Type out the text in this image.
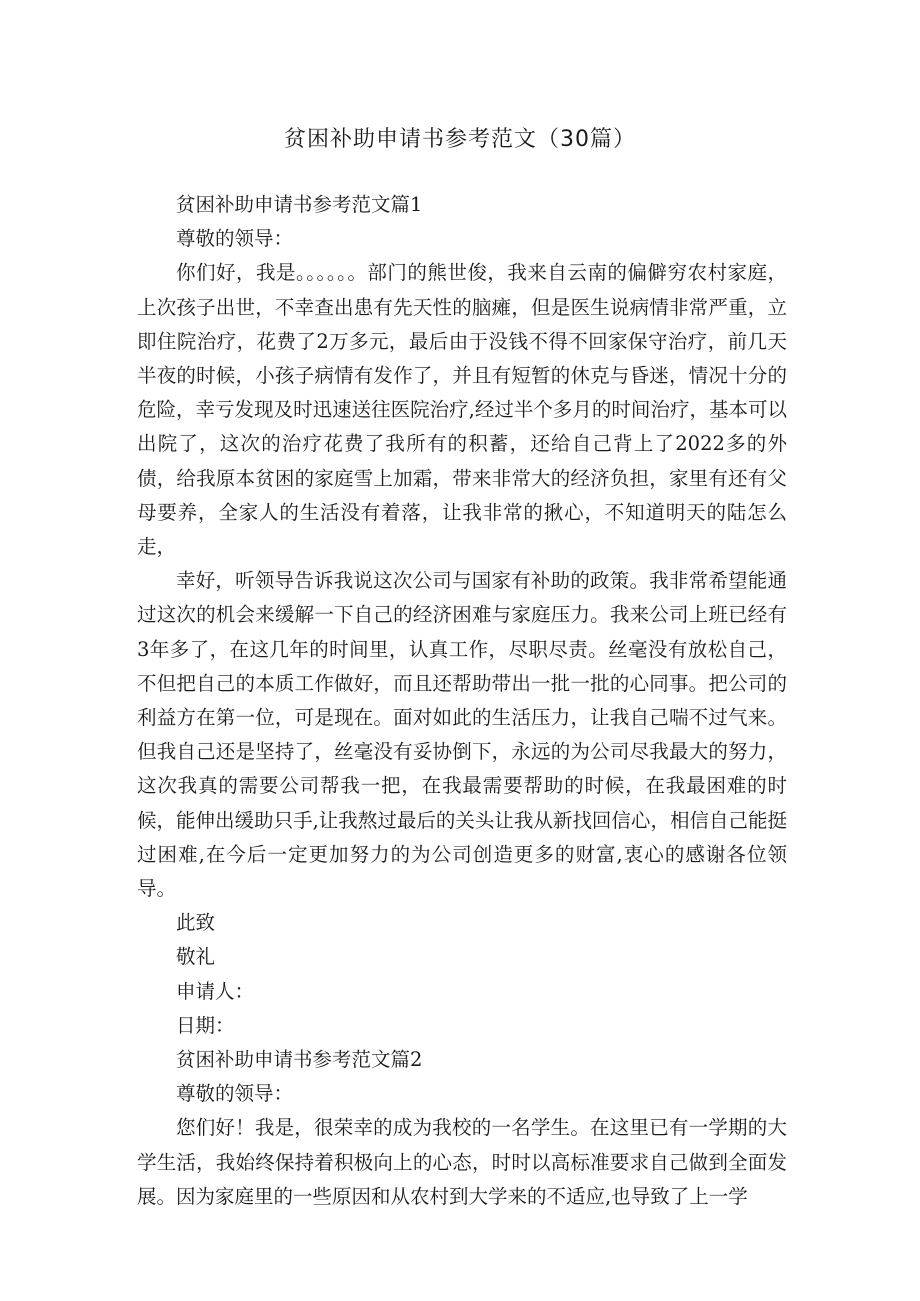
贫困补助申请书参考范文（30篇）

贫困补助申请书参考范文篇1

尊敬的领导：

你们好，我是。。。。。。部门的熊世俊，我来自云南的偏僻穷农村家庭，上次孩子出世，不幸查出患有先天性的脑瘫，但是医生说病情非常严重，立即住院治疗，花费了2万多元，最后由于没钱不得不回家保守治疗，前几天半夜的时候，小孩子病情有发作了，并且有短暂的休克与昏迷，情况十分的危险，幸亏发现及时迅速送往医院治疗,经过半个多月的时间治疗，基本可以出院了，这次的治疗花费了我所有的积蓄，还给自己背上了2022多的外债，给我原本贫困的家庭雪上加霜，带来非常大的经济负担，家里有还有父母要养，全家人的生活没有着落，让我非常的揪心，不知道明天的陆怎么走，

幸好，听领导告诉我说这次公司与国家有补助的政策。我非常希望能通过这次的机会来缓解一下自己的经济困难与家庭压力。我来公司上班已经有3年多了，在这几年的时间里，认真工作，尽职尽责。丝毫没有放松自己，不但把自己的本质工作做好，而且还帮助带出一批一批的心同事。把公司的利益方在第一位，可是现在。面对如此的生活压力，让我自己喘不过气来。但我自己还是坚持了，丝毫没有妥协倒下，永远的为公司尽我最大的努力，这次我真的需要公司帮我一把，在我最需要帮助的时候，在我最困难的时候，能伸出缓助只手,让我熬过最后的关头让我从新找回信心，相信自己能挺过困难,在今后一定更加努力的为公司创造更多的财富,衷心的感谢各位领导。

此致

敬礼

申请人：

日期：

贫困补助申请书参考范文篇2

尊敬的领导：

您们好！我是，很荣幸的成为我校的一名学生。在这里已有一学期的大学生活，我始终保持着积极向上的心态，时时以高标准要求自己做到全面发展。因为家庭里的一些原因和从农村到大学来的不适应,也导致了上一学
